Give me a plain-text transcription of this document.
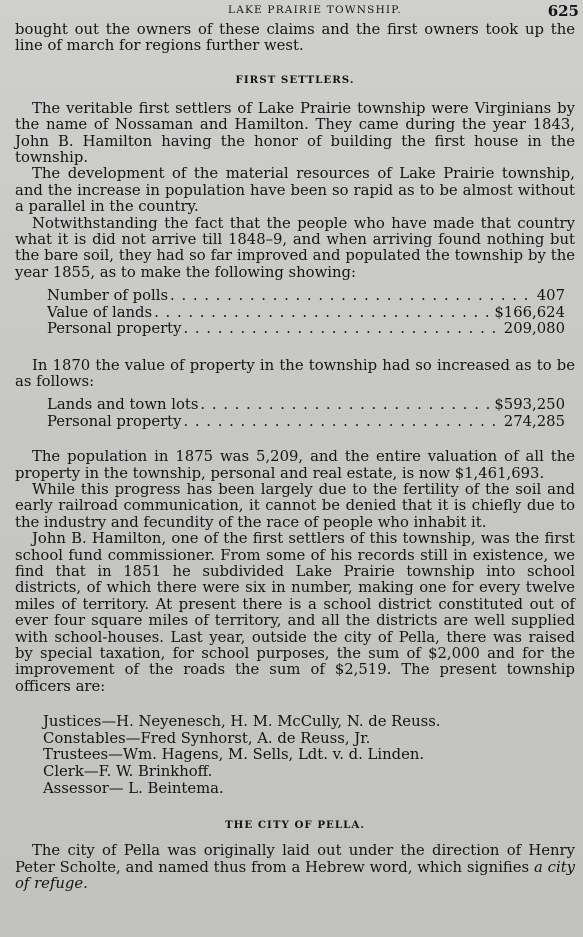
LAKE PRAIRIE TOWNSHIP.	625

bought out the owners of these claims and the first owners took up the line of march for regions further west.

FIRST SETTLERS.

The veritable first settlers of Lake Prairie township were Virginians by the name of Nossaman and Hamilton. They came during the year 1843, John B. Hamilton having the honor of building the first house in the township.

The development of the material resources of Lake Prairie township, and the increase in population have been so rapid as to be almost without a parallel in the country.

Notwithstanding the fact that the people who have made that country what it is did not arrive till 1848–9, and when arriving found nothing but the bare soil, they had so far improved and populated the township by the year 1855, as to make the following showing:

Number of polls . . .	407
Value of lands . . .	$166,624
Personal property . . .	209,080

In 1870 the value of property in the township had so increased as to be as follows:

Lands and town lots . . .	$593,250
Personal property . . .	274,285

The population in 1875 was 5,209, and the entire valuation of all the property in the township, personal and real estate, is now $1,461,693.

While this progress has been largely due to the fertility of the soil and early railroad communication, it cannot be denied that it is chiefly due to the industry and fecundity of the race of people who inhabit it.

John B. Hamilton, one of the first settlers of this township, was the first school fund commissioner. From some of his records still in existence, we find that in 1851 he subdivided Lake Prairie township into school districts, of which there were six in number, making one for every twelve miles of territory. At present there is a school district constituted out of ever four square miles of territory, and all the districts are well supplied with school-houses. Last year, outside the city of Pella, there was raised by special taxation, for school purposes, the sum of $2,000 and for the improvement of the roads the sum of $2,519. The present township officers are:

Justices—H. Neyenesch, H. M. McCully, N. de Reuss.
Constables—Fred Synhorst, A. de Reuss, Jr.
Trustees—Wm. Hagens, M. Sells, Ldt. v. d. Linden.
Clerk—F. W. Brinkhoff.
Assessor— L. Beintema.
THE CITY OF PELLA.

The city of Pella was originally laid out under the direction of Henry Peter Scholte, and named thus from a Hebrew word, which signifies a city of refuge.
